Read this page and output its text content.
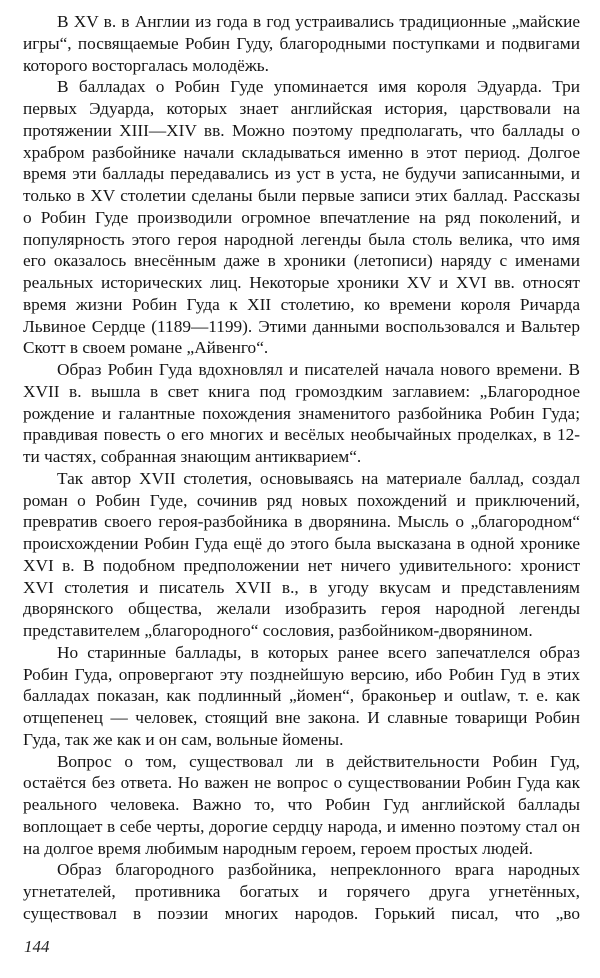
В XV в. в Англии из года в год устраивались традиционные „майские игры“, посвящаемые Робин Гуду, благородными поступками и подвигами которого восторгалась молодёжь.

В балладах о Робин Гуде упоминается имя короля Эдуарда. Три первых Эдуарда, которых знает английская история, царствовали на протяжении XIII—XIV вв. Можно поэтому предполагать, что баллады о храбром разбойнике начали складываться именно в этот период. Долгое время эти баллады передавались из уст в уста, не будучи записанными, и только в XV столетии сделаны были первые записи этих баллад. Рассказы о Робин Гуде производили огромное впечатление на ряд поколений, и популярность этого героя народной легенды была столь велика, что имя его оказалось внесённым даже в хроники (летописи) наряду с именами реальных исторических лиц. Некоторые хроники XV и XVI вв. относят время жизни Робин Гуда к XII столетию, ко времени короля Ричарда Львиное Сердце (1189—1199). Этими данными воспользовался и Вальтер Скотт в своем романе „Айвенго“.

Образ Робин Гуда вдохновлял и писателей начала нового времени. В XVII в. вышла в свет книга под громоздким заглавием: „Благородное рождение и галантные похождения знаменитого разбойника Робин Гуда; правдивая повесть о его многих и весёлых необычайных проделках, в 12-ти частях, собранная знающим антикварием“.

Так автор XVII столетия, основываясь на материале баллад, создал роман о Робин Гуде, сочинив ряд новых похождений и приключений, превратив своего героя-разбойника в дворянина. Мысль о „благородном“ происхождении Робин Гуда ещё до этого была высказана в одной хронике XVI в. В подобном предположении нет ничего удивительного: хронист XVI столетия и писатель XVII в., в угоду вкусам и представлениям дворянского общества, желали изобразить героя народной легенды представителем „благородного“ сословия, разбойником-дворянином.

Но старинные баллады, в которых ранее всего запечатлелся образ Робин Гуда, опровергают эту позднейшую версию, ибо Робин Гуд в этих балладах показан, как подлинный „йомен“, браконьер и outlaw, т. е. как отщепенец — человек, стоящий вне закона. И славные товарищи Робин Гуда, так же как и он сам, вольные йомены.

Вопрос о том, существовал ли в действительности Робин Гуд, остаётся без ответа. Но важен не вопрос о существовании Робин Гуда как реального человека. Важно то, что Робин Гуд английской баллады воплощает в себе черты, дорогие сердцу народа, и именно поэтому стал он на долгое время любимым народным героем, героем простых людей.

Образ благородного разбойника, непреклонного врага народных угнетателей, противника богатых и горячего друга угнетённых, существовал в поэзии многих народов. Горький писал, что „во

144
